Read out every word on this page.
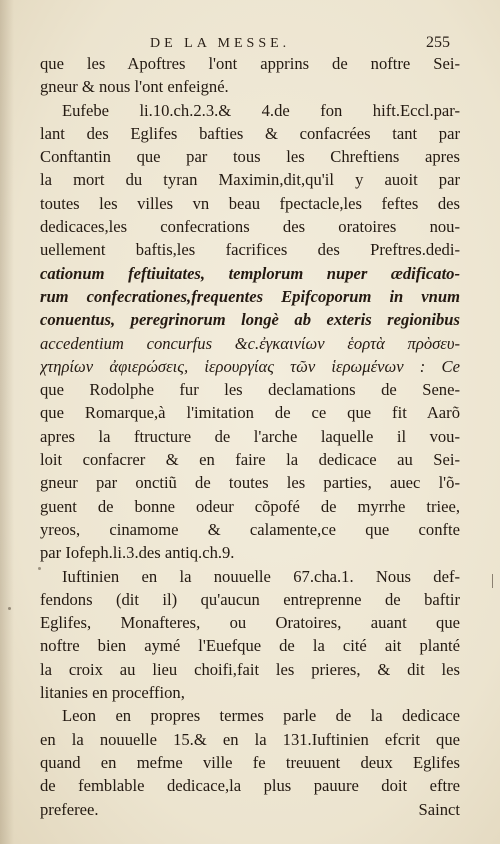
DE LA MESSE.	255
que les Apoftres l'ont apprins de noftre Sei-
gneur & nous l'ont enfeigné.
Eufebe li.10.ch.2.3.& 4.de fon hift.Eccl.par-
lant des Eglifes bafties & confacrées tant par
Conftantin que par tous les Chreftiens apres
la mort du tyran Maximin,dit,qu'il y auoit par
toutes les villes vn beau fpectacle,les feftes des
dedicaces,les confecrations des oratoires nou-
uellement baftis,les facrifices des Preftres.dedi-
cationum feftiuitates, templorum nuper ædificato-
rum confecrationes,frequentes Epifcoporum in vnum
conuentus, peregrinorum longè ab exteris regionibus
accedentium concurfus &c.ἐγκαινίων ἑορτὰ πρὸσευ-
χτηρίων ἀφιερώσεις, ἱερουργίας τῶν ἱερωμένων : Ce
que Rodolphe fur les declamations de Sene-
que Romarque,à l'imitation de ce que fit Aarõ
apres la ftructure de l'arche laquelle il vou-
loit confacrer & en faire la dedicace au Sei-
gneur par onctiũ de toutes les parties, auec l'õ-
guent de bonne odeur cõpofé de myrrhe triee,
yreos, cinamome & calamente,ce que confte
par Iofeph.li.3.des antiq.ch.9.
Iuftinien en la nouuelle 67.cha.1. Nous def-
fendons (dit il) qu'aucun entreprenne de baftir
Eglifes, Monafteres, ou Oratoires, auant que
noftre bien aymé l'Euefque de la cité ait planté
la croix au lieu choifi,fait les prieres, & dit les
litanies en proceffion,
Leon en propres termes parle de la dedicace
en la nouuelle 15.& en la 131.Iuftinien efcrit que
quand en mefme ville fe treuuent deux Eglifes
de femblable dedicace,la plus pauure doit eftre
preferee.	Sainct
